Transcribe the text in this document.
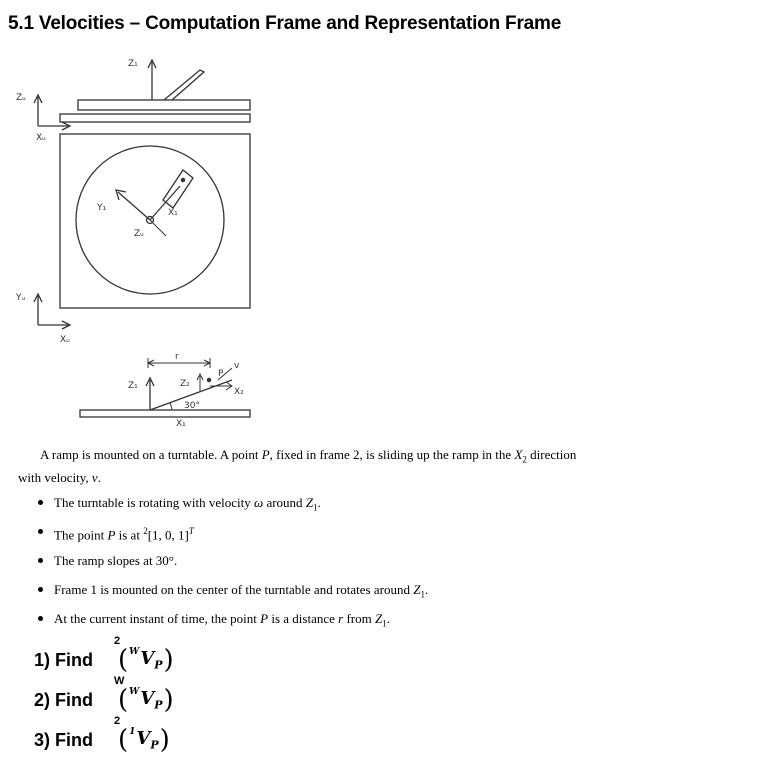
5.1 Velocities – Computation Frame and Representation Frame
Z₁
Zᵤ
Xᵤ
Y₁	X₁
Zᵤ
Yᵤ
Xᵤ
r
Z₁	Z₂
X₂
P
v
30°
X₁

A ramp is mounted on a turntable. A point P, fixed in frame 2, is sliding up the ramp in the $X_2$ direction
with velocity, v.

The turntable is rotating with velocity ω around $Z_1$.
The point P is at $^2$[1, 0, 1]$^T$
The ramp slopes at 30°.
Frame 1 is mounted on the center of the turntable and rotates around $Z_1$.
At the current instant of time, the point P is a distance r from $Z_1$.
1) Find
2
( $^WV_P$ )
2) Find
W
( $^WV_P$ )
3) Find
2
( $^1V_P$ )
